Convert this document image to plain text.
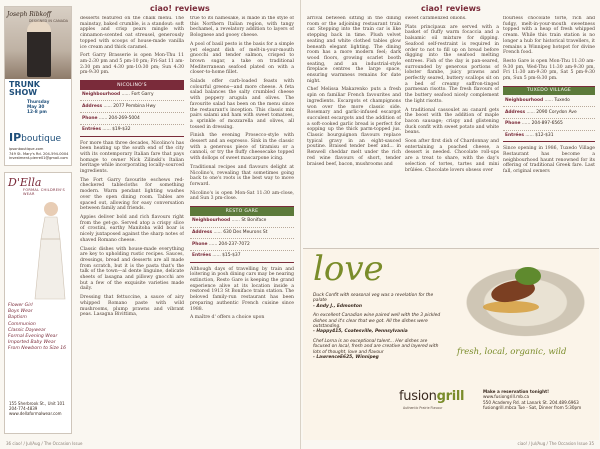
ciao! reviews
Joseph Ribkoff
DESIGNED IN CANADA
TRUNK SHOW
Thursday
May 30
12-8 pm
IPboutique
ipsonboutique.com
749 St. Mary's Rd. 204-594-0004
investment.pierre01@gmail.com
D'Ella
FORMAL CHILDREN'S WEAR
Flower Girl
Boys Wear
Baptism
Communion
Classic Daywear
Formal Evening Wear
Imported Baby Wear
From Newborn to Size 16
155 Sherbrook St., Unit 101
204-774-4839
www.dellaformalwear.com

desserts featured on the chalk menu. The mainstay, baked crumble, is a standout: soft apples and crisp pears mingle with cinnamon-scented oat streusel, generously topped with scoops of house-made vanilla ice cream and thick caramel.

Fort Garry Brasserie is open Mon-Thu 11 am-2:30 pm and 5 pm-10 pm; Fri-Sat 11 am-2:30 pm and 4:30 pm-10:30 pm; Sun 4:30 pm-9:30 pm.

NICOLINO'S
Neighbourhood ...... Fort Garry
Address ...... 2077 Pembina Hwy
Phone ...... 204-269-5004
Entrées ...... $19-$32

For more than three decades, Nicolino's has been heating up the south end of the city with its contemporary Italian fare that pays homage to owner Nick Zilinski's Italian heritage while incorporating locally-sourced ingredients.

The Fort Garry favourite eschews red-checkered tablecloths for something modern. Warm pendant lighting washes over the open dining room. Tables are spaced out, allowing for easy conversation between family and friends.

Appies deliver bold and rich flavours right from the get-go. Served atop a crispy slice of crostini, earthy Manitoba wild boar is nicely juxtaposed against the sharp notes of shaved Romano cheese.

Classic dishes with house-made everything are key to upholding rustic recipes. Sauces, dressings, bread and desserts are all made from scratch, but it is the pasta that's the talk of the town—al dente linguine, delicate sheets of lasagna and pillowy gnocchi are but a few of the exquisite varieties made daily.

Dressing that fettuccine, a sauce of airy whipped Romano paste with wild mushrooms, plump prawns and vibrant peas. Lasagna Bivittima,

true to its namesake, is made in the style of this Northern Italian region, with tangy bechamel, a revelatory addition to layers of Bolognese and gooey cheese.

A pool of basil pesto is the basis for a simple yet elegant dish of melt-in-your-mouth gnocchi and tender salmon, crisped to brown sugar, a take on traditional Mediterranean seafood plated on with a closer-to-home fillet.

Salads offer carb-loaded feasts with colourful greens—and more cheese. A feta salad balances the salty crumbled cheese with peppery arugula and olives. The favourite salad has been on the menu since the restaurant's inception. This classic mix pairs salami and ham with sweet tomatoes, a sprinkle of mozzarella and olives, all tossed in dressing.

Finish the evening Prosecco-style with dessert and an espresso. Sink in the classic with a generous piece of tiramisu or a cannoli, or try the fluffy cheesecake topped with dollops of sweet mascarpone icing.

Traditional recipes and flavours delight at Nicolino's, revealing that sometimes going back to one's roots is the best way to move forward.

Nicolino's is open Mon-Sat 11:30 am-close, and Sun 3 pm-close.

RESTO GARE
Neighbourhood ...... St Boniface
Address ...... 630 Des Meurons St
Phone ...... 204-237-7072
Entrées ...... $15-$37

Although days of travelling by train and loitering in posh dining cars may be nearing extinction, Resto Gare is keeping the grand experience alive at its location inside a restored 1913 St Boniface train station. The beloved family-run restaurant has been preparing authentic French cuisine since 1988.

A maître d' offers a choice upon

36 ciao! / Jul/Aug / The Occasion Issue
ciao! reviews

arrival between sitting in the dining room or the adjoining restaurant train car. Stepping into the train car is like stepping back in time. Plush velvet seating and white clothed tables glow beneath elegant lighting. The dining room has a more modern feel; dark wood floors, growing scarlet booth seating, and an industrial-style fireplace centres the large space, ensuring warmness remains for date night.

Chef Melissa Makarenko puts a fresh spin on familiar French favourites and ingredients. Escargots et champignons won over the more classic side. Rosemary and garlic-infused escargot succulent escargots and the addition of a soft-cooked garlic bread is perfect for sopping up the thick parm-topped jus. Classic bourguignon flavours replace typical gravy in an eight-sauced poutine. Braised tender beef and... in Renwell cheddar melt under the rich red wine flavours of short, tender braised beef, bacon, mushrooms and

sweet caramelized onions.

Plats principaux are served with a basket of fluffy warm focaccia and a balsamic oil mixture for dipping. Seafood self-restraint is required in order to not to fill up on bread before digging into the seafood melting entrees. Fish of the day is pan-seared, surrounded by generous portions of lobster flambe, juicy prawns and perfectly seared, buttery scallops sit on a bed of creamy saffron-tinged parmesan risotto. The fresh flavours of the buttery seafood nicely complement the light risotto.

A traditional cassoulet au canard gets the boost with the addition of maple bacon sausage; crispy and glistening duck confit with sweet potato and white beans.

Soon after first dish of Chardonnay and entertaining a poached cheese, a dessert is needed. Chocolate roll-ups are a treat to share, with the day's selection of tortes, tartes and mini brûlées. Chocolate lovers obsess over

flourless chocolate torte, rich and fudgy, melt-in-your-mouth sweetness topped with a heap of fresh whipped cream. While this train station is no longer a hub for historical travellers, it remains a Winnipeg hotspot for divine French food.

Resto Gare is open Mon-Thu 11:30 am-9:30 pm, Wed-Thu 11:30 am-9:30 pm, Fri 11:30 am-9:30 pm, Sat 5 pm-9:30 pm, Sun 5 pm-8:30 pm.

TUXEDO VILLAGE
Neighbourhood ...... Tuxedo
Address ...... 2090 Corydon Ave
Phone ...... 204-897-6565
Entrées ...... $12-$31

Since opening in 1986, Tuxedo Village Restaurant has become a neighbourhood haunt renowned for its offering of traditional Greek fare. Last fall, original owners

love

Duck Confit with seasonal veg was a revelation for the palate
- Andy J., Edmonton

An excellent Canadian wine paired well with the 3 pickled dishes and it's clear that we got. All the dishes were outstanding.
- Happy415, Coatesville, Pennsylvania

Chef Lorna is an exceptional talent... Her dishes are focused on local, fresh and are creative and layered with lots of thought, love and flavour
- LawrenceE625, Winnipeg

fresh, local, organic, wild
fusiongrill
Authentic Prairie Flavour
Make a reservation tonight! www.fusiongrill.mb.ca
550 Academy Rd. at Lanark St. 204.489.6963
fusiongrill.mbca Tue - Sat, Dinner from 5:30pm
ciao! / Jul/Aug / The Occasion Issue 35
